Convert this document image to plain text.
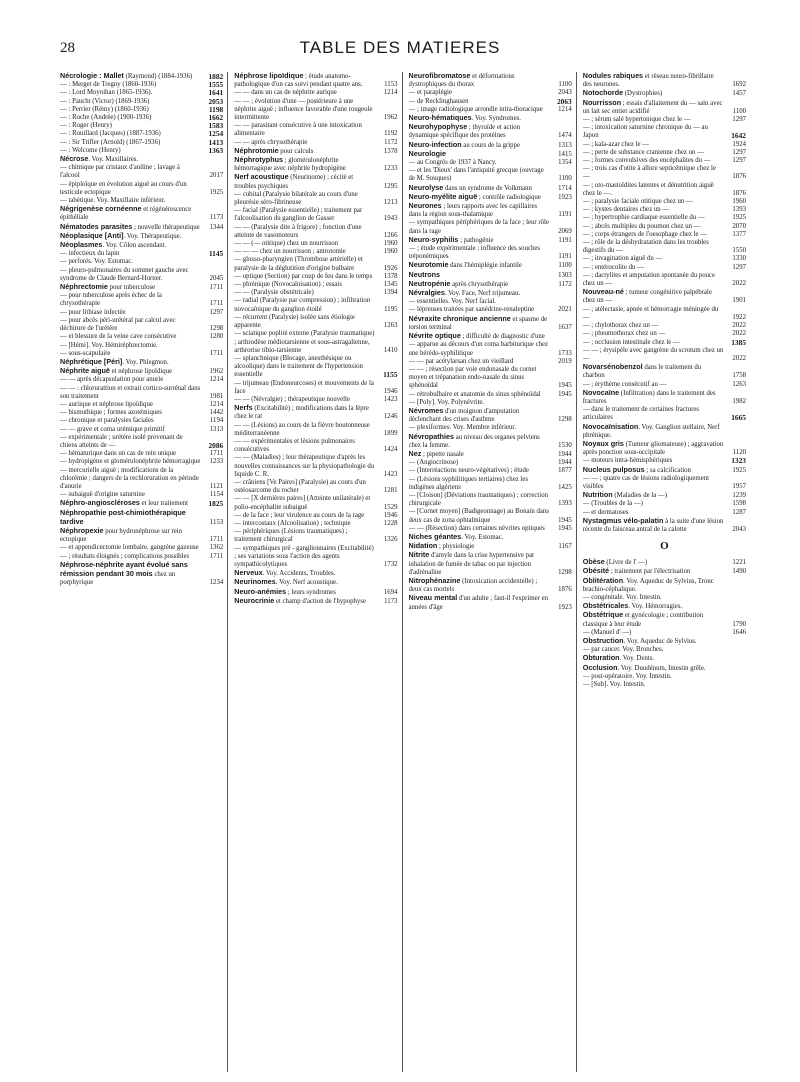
28	TABLE DES MATIERES
Nécrologie : Mallet (Raymond) (1884-1936)	1882
— : Merget de Tregny (1860-1936)	1555
— : Lord Moynihan (1865-1936).	1641
— : Paucht (Victor) (1869-1936)	2053
— : Perrier (Rémy) (1860-1936)	1198
— : Roche (Andrée) (1900-1936)	1662
— : Roger (Henry)	1583
— : Rouillard (Jacques) (1887-1936)	1254
— : Sir Trifler (Arnold) (1867-1936)	1413
— : Welcome (Henry)	1363
Nécrose. Voy. Maxillaires.
— chimique par cristaux d'aniline ; lavage à l'alcool	2017
— épiploïque en évolution aiguë au cours d'un testicule ectopique	1925
— tabétique. Voy. Maxillaire inférieur.
Négrigenèse cornéenne et régénérescence épithéliale	1173
Nématodes parasites ; nouvelle thérapeutique	1344
Néoplasique [Anti]. Voy. Thérapeutique.
Néoplasmes. Voy. Côlon ascendant.
— infectieux du lapin	1145
— perforés. Voy. Estomac.
— pleuro-pulmonaires du sommet gauche avec syndrome de Claude Bernard-Horner.	2045
Néphrectomie pour tuberculose	1711
— pour tuberculose après échec de la chrysothérapie	1711
— pour lithiase infectée	1297
— pour abcès péri-urétéral par calcul avec déchirure de l'urètère	1298
— et blessure de la veine cave consécutive	1280
— [Hémi]. Voy. Hémiréphrectomie.
— sous-scapulaire	1711
Néphrétique [Péri]. Voy. Phlegmon.
Néphrite aiguë et néphrose lipoïdique	1962
— — après décapsulation pour anurie	1214
— — : chlorurattion et extrait cortico-surrénal dans son traitement	1981
— auriique et néphrose lipoïdique	1214
— bismuthique ; formes azotémiques	1442
— chronique et paralysies faciales	1194
— — grave et coma urémique primitif	1313
— expérimentale ; urétère isolé provenant de chiens atteints de —	2086
— hématurique dans un cas de rein unique	1711
— hydropigène et glomérulonéphrite hémorragique	1233
— mercurielle aiguë ; modifications de la chlorémie ; dangers de la rechloruration en période d'anurie	1121
— subaiguë d'origine saturnine	1154
Néphro-angioscléroses et leur traitement	1825
Néphropathie post-chimiothérapique tardive	1153
Néphropexie pour hydronéphrose sur rein ectopique	1711
— et appendicectomie lombaire, gangrène gazeuse	1362
— ; résultats éloignés ; complications possibles	1711
Néphrose-néphrite ayant évolué sans rémission pendant 30 mois chez un porphyrique	1234
Néphrose lipoïdique ; étude anatomo-pathologique d'un cas suivi pendant quatre ans.	1153
— — dans un cas de néphrite aurique	1214
— — ; évolution d'une — postérieure à une néphrite aiguë ; influence favorable d'une rougeole intermittente	1962
— — parasitant consécutive à une intoxication alimentaire	1192
— — après chrysothérapie	1172
Néphrotomie pour calculs	1378
Néphrotyphus ; glomérulonéphrite hémorragique avec néphrite hydropigène	1233
Nerf acoustique (Neurinome) ; cécité et troubles psychiques	1295
— cubital (Paralysie bilatérale au cours d'une pleurésie séro-fibrineuse	1213
— facial (Paralysie essentielle) ; traitement par l'alcoolisation du ganglion de Gasser	1943
— — (Paralysie dite à frigore) ; fonction d'une atteinte de vasomoteurs	1266
— — (— otitique) chez un nourrisson	1960
— — — chez un nourrisson ; antrotomie	1960
— glosso-pharyngien (Thrombose artérielle) et paralysie de la déglutition d'origine bulbaire	1926
— optique (Section) par coup de feu dans le temps	1378
— phrénique (Novocaïnisation) ; essais	1345
— — (Paralysie obstétricale)	1394
— radial (Paralysie par compression) ; infiltration novocaïnique du ganglion étoilé	1195
— récurrent (Paralysie) isolée sans étiologie apparente	1263
— sciatique poplité externe (Paralysie traumatique) ; arthrodèse médiotarsienne et sous-astragalienne, arthrorise tibio-tarsienne	1410
— splanchnique (Blocage, anesthésique ou alcoolique) dans le traitement de l'hypertension essentielle	1155
— trijumeau (Endoneurcoses) et mouvements de la face	1946
— — (Névralgie) ; thérapeutique nouvelle	1423
Nerfs (Excitabilité) ; modifications dans la lèpre chez le rat	1246
— — (Lésions) au cours de la fièvre boutonneuse méditerranéenne	1899
— — expérimentales et lésions pulmonaires consécutives	1424
— — (Maladies) ; leur thérapeutique d'après les nouvelles connaissances sur la physiopathologie du liquide C. R.	1423
— crâniens [Ve Paires] (Paralysie) au cours d'un ostéosarcome du rocher	1281
— — [X dernières paires] (Atteinte unilatérale) et polio-encéphalite subaiguë	1529
— de la face ; leur virulence au cours de la rage	1946
— intercostaux (Alcoolisation) ; technique	1228
— périphériques (Lésions traumatiques) ; traitement chirurgical	1326
— sympathiques pré - ganglionnaires (Excitabilité) ; ses variations sous l'action des agents sympathicolytiques	1732
Nerveux. Voy. Accidents, Troubles.
Neurinomes. Voy. Nerf acoustique.
Neuro-anémies ; leurs syndromes	1694
Neurocrinie et champ d'action de l'hypophyse	1173
Neurofibromatose et déformations dystrophiques du thorax	1100
— et paraplégie	2043
— de Recklinghausen	2063
— ; image radiologique arrondie intra-thoracique	1214
Neuro-hématiques. Voy. Syndromes.
Neurohypophyse ; thyroïde et action dynamique spécifique des protéines	1474
Neuro-infection au cours de la grippe	1313
Neurologie	1415
— au Congrès de 1937 à Nancy.	1354
— et les 'Dieux' dans l'antiquité grecque (ouvrage de M. Souques)	1100
Neurolyse dans un syndrome de Volkmann	1714
Neuro-myélite aiguë ; contrôle radiologique	1923
Neurones ; leurs rapports avec les capillaires dans la région sous-thalamique	1191
— sympathiques périphériques de la face ; leur rôle dans la rage	2069
Neuro-syphilis ; pathogénie	1191
— ; étude expérimentale ; influence des souches tréponémiques	1191
Neurotomie dans l'hémiplégie infantile	1100
Neutrons	1303
Neutropénie après chrysothérapie	1172
Névralgies. Voy. Face, Nerf trijumeau.
— essentielles. Voy. Nerf facial.
— lépreuses traitées par sanédrine-renaleptine	2021
Névraxite chronique ancienne et spasme de torsion terminal	1637
Névrite optique ; difficulté de diagnostic d'une — apparue au décours d'un coma barbiturique chez une hérédo-syphilitique	1733
— — par acétylarsan chez un vieillard	2019
— — ; résection par voie endonasale du cornet moyen et trépanation endo-nasale du sinus sphénoïdal	1945
— rétrobulbaire et anatomie du sinus sphénoïdal	1945
— [Poly]. Voy. Polynévrite.
Névromes d'un moignon d'amputation déclenchant des crises d'asthme	1298
— plexiformes. Voy. Membre inférieur.
Névropathies au niveau des organes pelviens chez la femme.	1530
Nez ; pipette nasale	1944
— (Angiocrinose)	1944
— (Interréactions neuro-végétatives) ; étude	1877
— (Lésions syphilitiques tertiaires) chez les indigènes algériens	1425
— [Cloison] (Déviations traumatiques) ; correction chirurgicale	1393
— [Cornet moyen] (Badigeonnage) au Bonain dans deux cas de zona ophtalmique	1945
— — (Résection) dans certaines névrites optiques	1945
Niches géantes. Voy. Estomac.
Nidation ; physiologie	1167
Nitrite d'amyle dans la crise hypertensive par inhalation de fumée de tabac ou par injection d'adrénaline	1298
Nitrophénazine (Intoxication accidentelle) ; deux cas mortels	1876
Niveau mental d'un adulte ; faut-il l'exprimer en années d'âge	1923
Nodules rabiques et réseau neuro-fibrillaire des neurones.	1692
Notochorde (Dystrophies)	1457
Nourrisson ; essais d'allaitement du — sain avec un lait sec entier acidifié	1100
— ; sérum salé hypertonique chez le —	1297
— ; intoxication saturnine chronique du — au Japon	1642
— ; kala-azar chez le —	1924
— ; perte de substance cranienne chez un —	1297
— ; formes convulsives des encéphalites du —	1297
— ; trois cas d'otite à allure septicémique chez le —	1876
— ; oto-mastoïdites latentes et dénutrition aiguë chez le —.	1876
— ; paralysie faciale otitique chez un —	1960
— ; kystes dentaires chez un —	1393
— ; hypertrophie cardiaque essentielle du —	1925
— ; abcès multiples du poumon chez un —	2070
— ; corps étrangers de l'oesophage chez le —	1377
— ; rôle de la déshydratation dans les troubles digestifs du —	1550
— ; invagination aiguë du —	1330
— ; entérocolite du —	1297
— ; dactylites et amputation spontanée du pouce chez un —	2022
Nouveau-né ; tumeur congénitive palpébrale chez un —	1901
— ; atélectasie, apnée et hémorragie méningée du —	1922
— ; chylothorax chez un —	2022
— ; pheumothorax chez un —	2022
— ; occlusion intestinale chez le —	1385
— — ; érysipèle avec gangrène du scrotum chez un —	2022
Novarsénobenzol dans le traitement du charbon	1758
— ; érythème consécutif au —	1263
Novocaïne (Infiltration) dans le traitement des fractures	1982
— dans le traitement de certaines fractures articulaires	1665
Novocaïnisation. Voy. Ganglion stellaire, Nerf phrénique.
Noyaux gris (Tumeur gliomateuse) ; aggravation après ponction sous-occipitale	1120
— moteurs intra-hémisphériques	1323
Nucleus pulposus ; sa calcification	1925
— — ; quatre cas de lésions radiologiquement visibles	1957
Nutrition (Maladies de la —)	1239
— (Troubles de la —)	1598
— et dermatoses	1287
Nystagmus vélo-palatin à la suite d'une lésion récente du faisceau antral de la calotte	2043
O
Obèse (Livre de l' —)	1221
Obésité ; traitement par l'électrisation	1490
Oblitération. Voy. Aqueduc de Sylvius, Tronc brachio-céphalique.
— congénitale. Voy. Intestin.
Obstétricales. Voy. Hémorragies.
Obstétrique et gynécologie ; contribution classique à leur étude	1790
— (Manuel d' —)	1646
Obstruction. Voy. Aqueduc de Sylvius.
— par cancer. Voy. Bronches.
Obturation. Voy. Dents.
Occlusion. Voy. Duodénum, Intestin grêle.
— post-opératoire. Voy. Intestin.
— [Sub]. Voy. Intestin.
